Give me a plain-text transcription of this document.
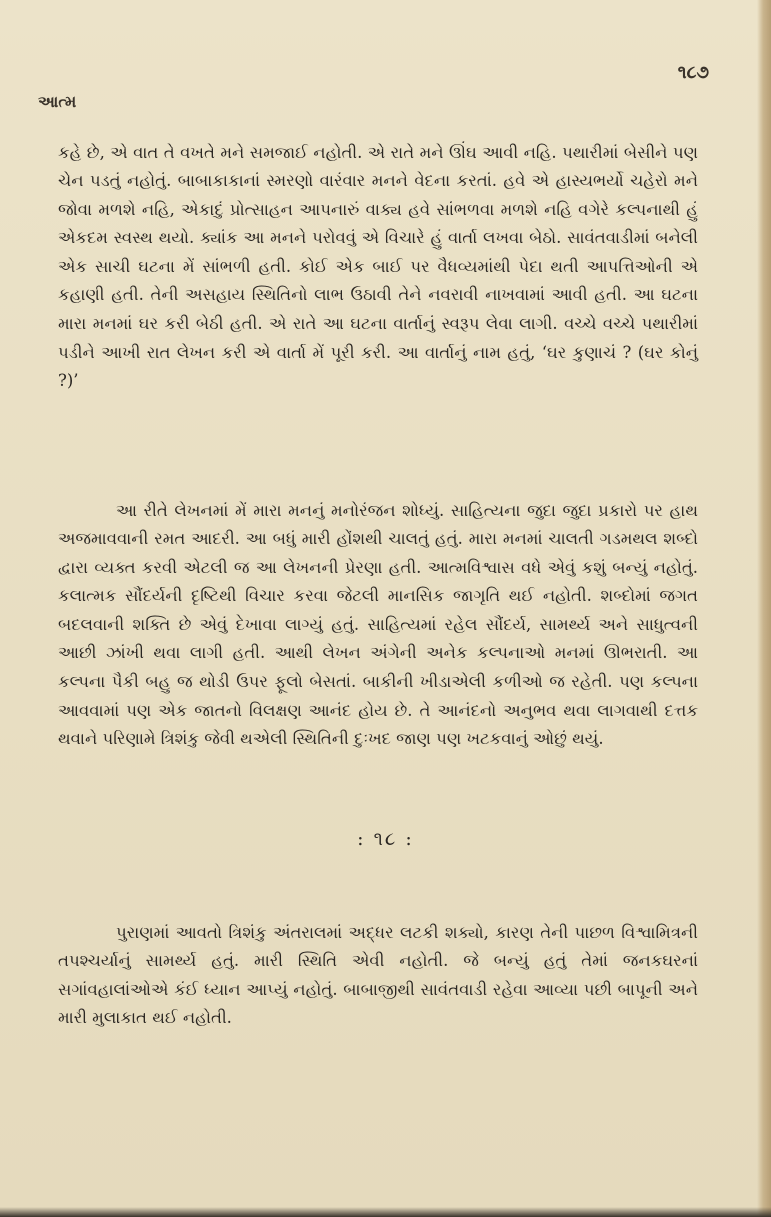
આત્મ
૧૮૭

કહે છે, એ વાત તે વખતે મને સમજાઈ નહોતી. એ રાતે મને ઊંઘ આવી નહિ. પથારીમાં બેસીને પણ ચેન પડતું નહોતું. બાબાકાકાનાં સ્મરણો વારંવાર મનને વેદના કરતાં. હવે એ હાસ્યભર્યો ચહેરો મને જોવા મળશે નહિ, એકાદું પ્રોત્સાહન આપનારું વાક્ય હવે સાંભળવા મળશે નહિ વગેરે કલ્પનાથી હું એકદમ સ્વસ્થ થયો. ક્યાંક આ મનને પરોવવું એ વિચારે હું વાર્તા લખવા બેઠો. સાવંતવાડીમાં બનેલી એક સાચી ઘટના મેં સાંભળી હતી. કોઈ એક બાઈ પર વૈધવ્યમાંથી પેદા થતી આપત્તિઓની એ કહાણી હતી. તેની અસહાય સ્થિતિનો લાભ ઉઠાવી તેને નવરાવી નાખવામાં આવી હતી. આ ઘટના મારા મનમાં ઘર કરી બેઠી હતી. એ રાતે આ ઘટના વાર્તાનું સ્વરૂપ લેવા લાગી. વચ્ચે વચ્ચે પથારીમાં પડીને આખી રાત લેખન કરી એ વાર્તા મેં પૂરી કરી. આ વાર્તાનું નામ હતું, ‘ઘર કુણાચં ? (ઘર કોનું ?)’

આ રીતે લેખનમાં મેં મારા મનનું મનોરંજન શોધ્યું. સાહિત્યના જુદા જુદા પ્રકારો પર હાથ અજમાવવાની રમત આદરી. આ બધું મારી હોંશથી ચાલતું હતું. મારા મનમાં ચાલતી ગડમથલ શબ્દો દ્વારા વ્યક્ત કરવી એટલી જ આ લેખનની પ્રેરણા હતી. આત્મવિશ્વાસ વધે એવું કશું બન્યું નહોતું. કલાત્મક સૌંદર્યની દૃષ્ટિથી વિચાર કરવા જેટલી માનસિક જાગૃતિ થઈ નહોતી. શબ્દોમાં જગત બદલવાની શક્તિ છે એવું દેખાવા લાગ્યું હતું. સાહિત્યમાં રહેલ સૌંદર્ય, સામર્થ્ય અને સાધુત્વની આછી ઝાંખી થવા લાગી હતી. આથી લેખન અંગેની અનેક કલ્પનાઓ મનમાં ઊભરાતી. આ કલ્પના પૈકી બહુ જ થોડી ઉપર ફૂલો બેસતાં. બાકીની ખીડાએલી કળીઓ જ રહેતી. પણ કલ્પના આવવામાં પણ એક જાતનો વિલક્ષણ આનંદ હોય છે. તે આનંદનો અનુભવ થવા લાગવાથી દત્તક થવાને પરિણામે ત્રિશંકુ જેવી થએલી સ્થિતિની દુઃખદ જાણ પણ ખટકવાનું ઓછું થયું.

: ૧૮ :

પુરાણમાં આવતો ત્રિશંકુ અંતરાલમાં અદ્ધર લટકી શક્યો, કારણ તેની પાછળ વિશ્વામિત્રની તપશ્ચર્યાનું સામર્થ્ય હતું. મારી સ્થિતિ એવી નહોતી. જે બન્યું હતું તેમાં જનકઘરનાં સગાંવહાલાંઓએ કંઈ ધ્યાન આપ્યું નહોતું. બાબાજીથી સાવંતવાડી રહેવા આવ્યા પછી બાપૂની અને મારી મુલાકાત થઈ નહોતી.
